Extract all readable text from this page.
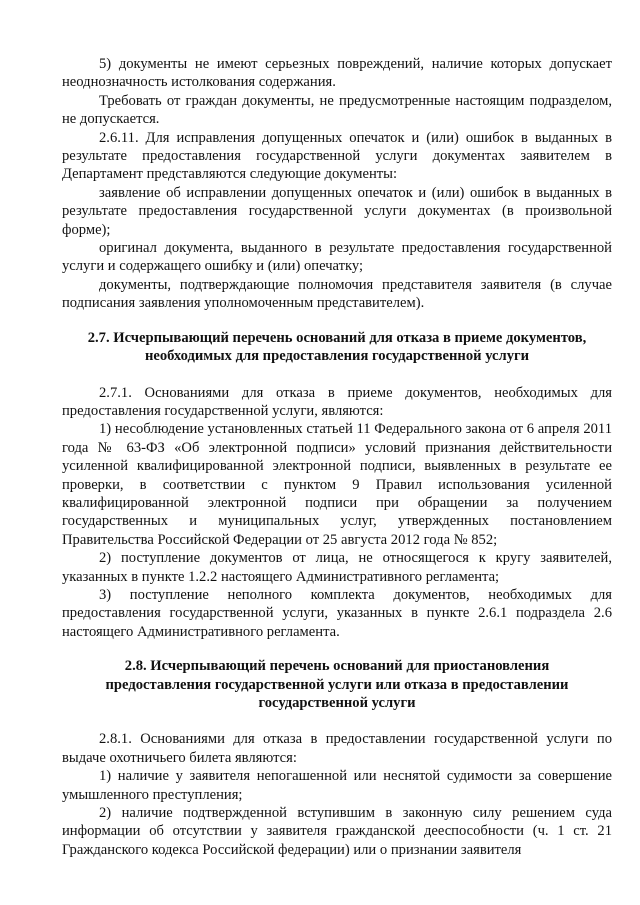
5) документы не имеют серьезных повреждений, наличие которых допускает неоднозначность истолкования содержания.

Требовать от граждан документы, не предусмотренные настоящим подразделом, не допускается.

2.6.11. Для исправления допущенных опечаток и (или) ошибок в выданных в результате предоставления государственной услуги документах заявителем в Департамент представляются следующие документы:

заявление об исправлении допущенных опечаток и (или) ошибок в выданных в результате предоставления государственной услуги документах (в произвольной форме);

оригинал документа, выданного в результате предоставления государственной услуги и содержащего ошибку и (или) опечатку;

документы, подтверждающие полномочия представителя заявителя (в случае подписания заявления уполномоченным представителем).

2.7. Исчерпывающий перечень оснований для отказа в приеме документов,

необходимых для предоставления государственной услуги

2.7.1. Основаниями для отказа в приеме документов, необходимых для предоставления государственной услуги, являются:

1) несоблюдение установленных статьей 11 Федерального закона от 6 апреля 2011 года № 63-ФЗ «Об электронной подписи» условий признания действительности усиленной квалифицированной электронной подписи, выявленных в результате ее проверки, в соответствии с пунктом 9 Правил использования усиленной квалифицированной электронной подписи при обращении за получением государственных и муниципальных услуг, утвержденных постановлением Правительства Российской Федерации от 25 августа 2012 года № 852;

2) поступление документов от лица, не относящегося к кругу заявителей, указанных в пункте 1.2.2 настоящего Административного регламента;

3) поступление неполного комплекта документов, необходимых для предоставления государственной услуги, указанных в пункте 2.6.1 подраздела 2.6 настоящего Административного регламента.

2.8. Исчерпывающий перечень оснований для приостановления

предоставления государственной услуги или отказа в предоставлении

государственной услуги

2.8.1. Основаниями для отказа в предоставлении государственной услуги по выдаче охотничьего билета являются:

1) наличие у заявителя непогашенной или неснятой судимости за совершение умышленного преступления;

2) наличие подтвержденной вступившим в законную силу решением суда информации об отсутствии у заявителя гражданской дееспособности (ч. 1 ст. 21 Гражданского кодекса Российской федерации) или о признании заявителя
